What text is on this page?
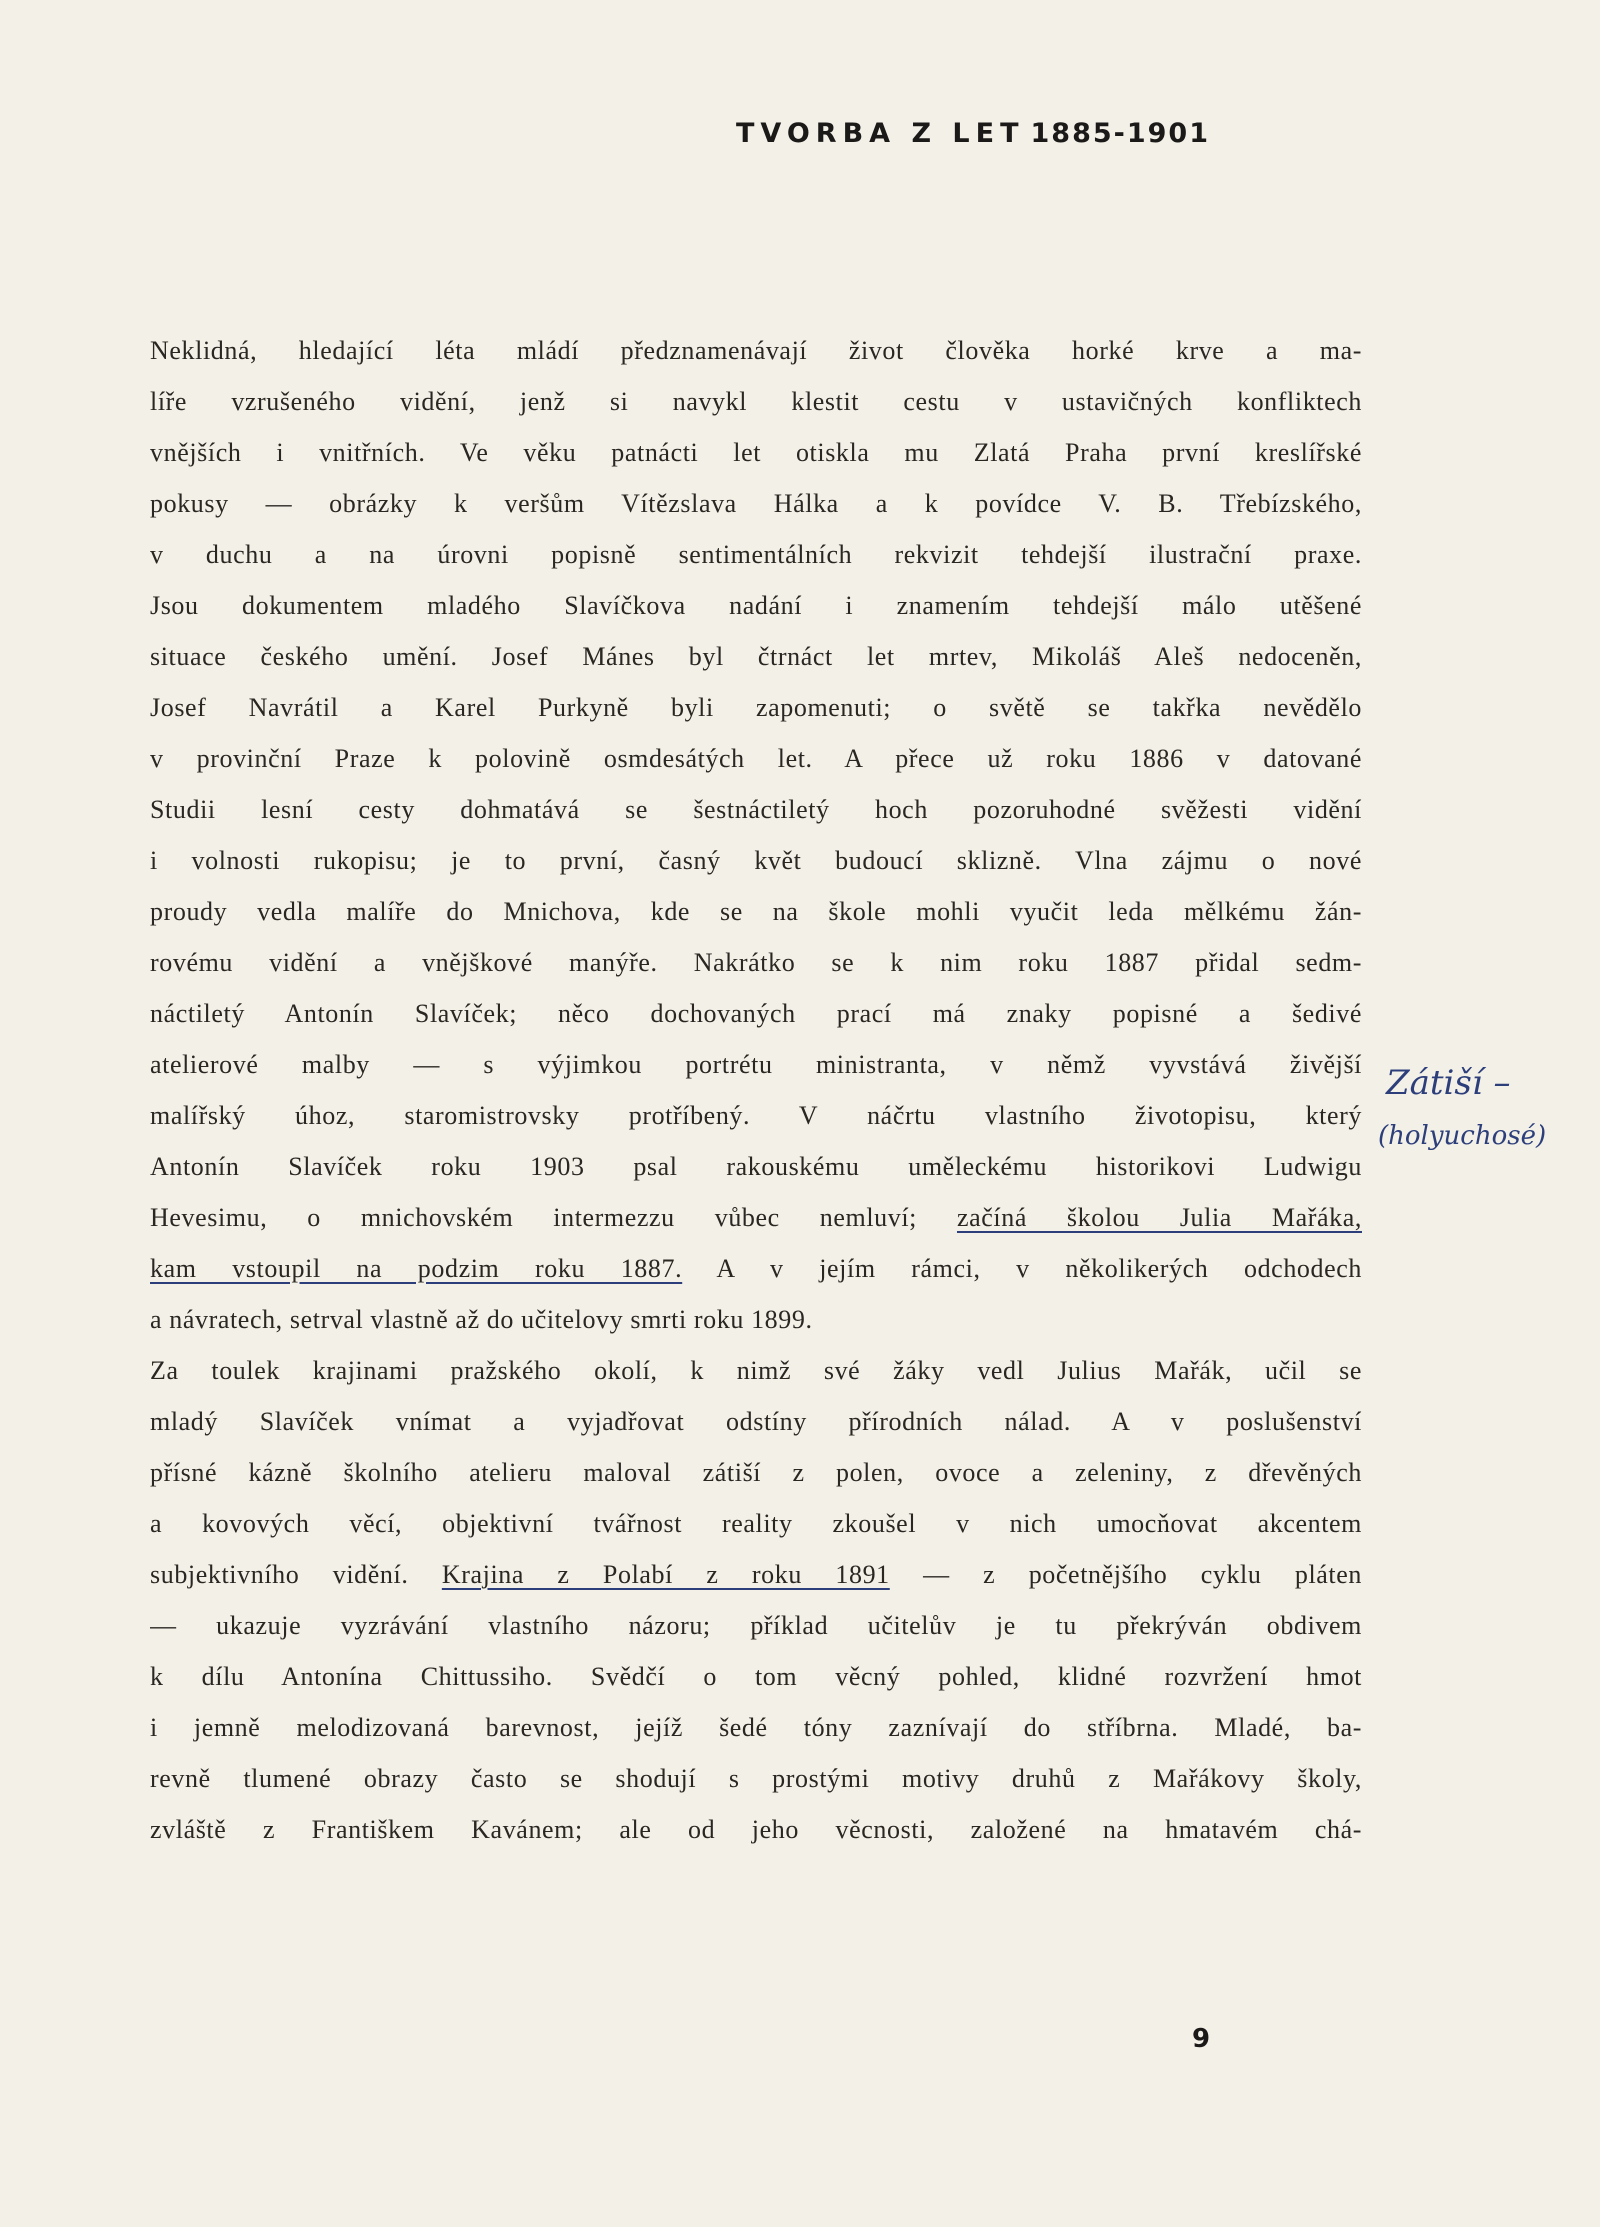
TVORBA Z LET 1885-1901
Neklidná, hledající léta mládí předznamenávají život člověka horké krve a ma-
líře vzrušeného vidění, jenž si navykl klestit cestu v ustavičných konfliktech
vnějších i vnitřních. Ve věku patnácti let otiskla mu Zlatá Praha první kreslířské
pokusy — obrázky k veršům Vítězslava Hálka a k povídce V. B. Třebízského,
v duchu a na úrovni popisně sentimentálních rekvizit tehdejší ilustrační praxe.
Jsou dokumentem mladého Slavíčkova nadání i znamením tehdejší málo utěšené
situace českého umění. Josef Mánes byl čtrnáct let mrtev, Mikoláš Aleš nedoceněn,
Josef Navrátil a Karel Purkyně byli zapomenuti; o světě se takřka nevědělo
v provinční Praze k polovině osmdesátých let. A přece už roku 1886 v datované
Studii lesní cesty dohmatává se šestnáctiletý hoch pozoruhodné svěžesti vidění
i volnosti rukopisu; je to první, časný květ budoucí sklizně. Vlna zájmu o nové
proudy vedla malíře do Mnichova, kde se na škole mohli vyučit leda mělkému žán-
rovému vidění a vnějškové manýře. Nakrátko se k nim roku 1887 přidal sedm-
náctiletý Antonín Slavíček; něco dochovaných prací má znaky popisné a šedivé
atelierové malby — s výjimkou portrétu ministranta, v němž vyvstává živější
malířský úhoz, staromistrovsky protříbený. V náčrtu vlastního životopisu, který
Antonín Slavíček roku 1903 psal rakouskému uměleckému historikovi Ludwigu
Hevesimu, o mnichovském intermezzu vůbec nemluví; začíná školou Julia Mařáka,
kam vstoupil na podzim roku 1887. A v jejím rámci, v několikerých odchodech
a návratech, setrval vlastně až do učitelovy smrti roku 1899.
Za toulek krajinami pražského okolí, k nimž své žáky vedl Julius Mařák, učil se
mladý Slavíček vnímat a vyjadřovat odstíny přírodních nálad. A v poslušenství
přísné kázně školního atelieru maloval zátiší z polen, ovoce a zeleniny, z dřevěných
a kovových věcí, objektivní tvářnost reality zkoušel v nich umocňovat akcentem
subjektivního vidění. Krajina z Polabí z roku 1891 — z početnějšího cyklu pláten
— ukazuje vyzrávání vlastního názoru; příklad učitelův je tu překrýván obdivem
k dílu Antonína Chittussiho. Svědčí o tom věcný pohled, klidné rozvržení hmot
i jemně melodizovaná barevnost, jejíž šedé tóny zaznívají do stříbrna. Mladé, ba-
revně tlumené obrazy často se shodují s prostými motivy druhů z Mařákovy školy,
zvláště z Františkem Kavánem; ale od jeho věcnosti, založené na hmatavém chá-
Zátiší –
(holyuchosé)
9
